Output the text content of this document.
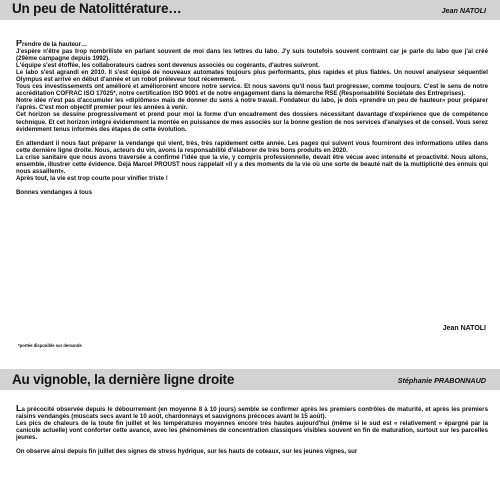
Un peu de Natolittérature…	Jean NATOLI

Prendre de la hauteur…

J'espère n'être pas trop nombriliste en parlant souvent de moi dans les lettres du labo. J'y suis toutefois souvent contraint car je parle du labo que j'ai créé (29ème campagne depuis 1992).

L'équipe s'est étoffée, les collaborateurs cadres sont devenus associés ou cogérants, d'autres suivront.

Le labo s'est agrandi en 2010. Il s'est équipé de nouveaux automates toujours plus performants, plus rapides et plus fiables. Un nouvel analyseur séquentiel Olympus est arrivé en début d'année et un robot préleveur tout récemment.

Tous ces investissements ont amélioré et améliororent encore notre service. Et nous savons qu'il nous faut progresser, comme toujours. C'est le sens de notre accréditation COFRAC ISO 17025*, notre certification ISO 9001 et de notre engagement dans la démarche RSE (Responsabilité Sociétale des Entreprises).

Notre idée n'est pas d'accumuler les «diplômes» mais de donner du sens à notre travail. Fondateur du labo, je dois «prendre un peu de hauteur» pour préparer l'après. C'est mon objectif premier pour les années à venir.

Cet horizon se dessine progressivement et prend pour moi la forme d'un encadrement des dossiers nécessitant davantage d'expérience que de compétence technique. Et cet horizon intègre évidemment la montée en puissance de mes associés sur la bonne gestion de nos services d'analyses et de conseil. Vous serez évidemment tenus informés des étapes de cette évolution.

En attendant il nous faut préparer la vendange qui vient, très, très rapidement cette année. Les pages qui suivent vous fourniront des informations utiles dans cette dernière ligne droite. Nous, acteurs du vin, avons la responsabilité d'élaborer de très bons produits en 2020.

La crise sanitaire que nous avons traversée a confirmé l'idée que la vie, y compris professionnelle, devait être vécue avec intensité et proactivité. Nous allons, ensemble, illustrer cette évidence. Déjà Marcel PROUST nous rappelait «Il y a des moments de la vie où une sorte de beauté naît de la multiplicité des ennuis qui nous assaillent».

Après tout, la vie est trop courte pour vinifier triste !

Bonnes vendanges à tous

Jean NATOLI
*portée disponible sur demande
Au vignoble, la dernière ligne droite	Stéphanie PRABONNAUD

La précocité observée depuis le débourrement (en moyenne 8 à 10 jours) semble se confirmer après les premiers contrôles de maturité, et après les premiers raisins vendangés (muscats secs avant le 10 août, chardonnays et sauvignons précoces avant le 15 août).

Les pics de chaleurs de la toute fin juillet et les températures moyennes encore très hautes aujourd'hui (même si le sud est « relativement » épargné par la canicule actuelle) vont conforter cette avance, avec les phénomènes de concentration classiques visibles souvent en fin de maturation, surtout sur les parcelles jeunes.

On observe ainsi depuis fin juillet des signes de stress hydrique, sur les hauts de coteaux, sur les jeunes vignes, sur
